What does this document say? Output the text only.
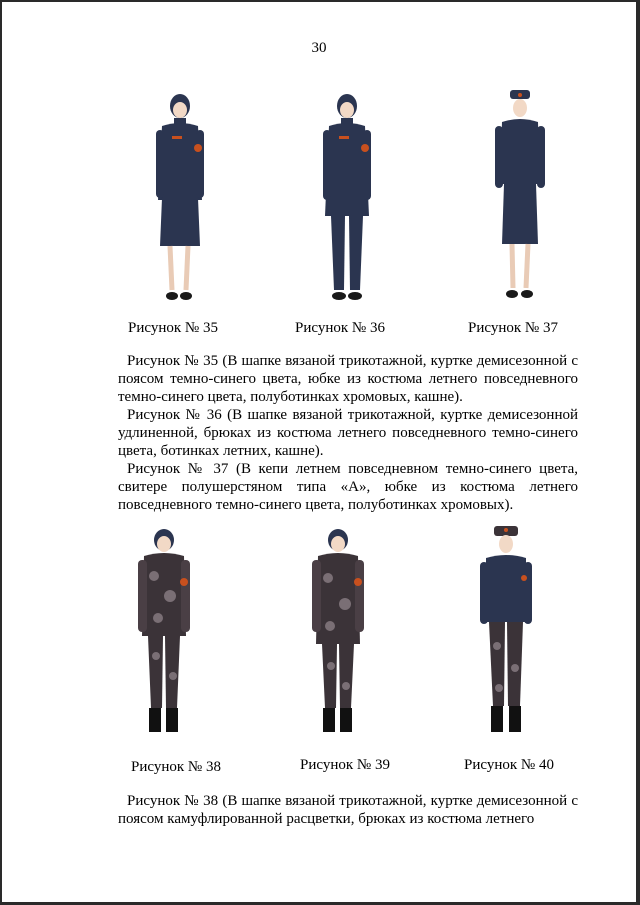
30
Рисунок № 35	Рисунок № 36	Рисунок № 37

Рисунок № 35 (В шапке вязаной трикотажной, куртке демисезонной с поясом темно-синего цвета, юбке из костюма летнего повседневного темно-синего цвета, полуботинках хромовых, кашне).

Рисунок № 36 (В шапке вязаной трикотажной, куртке демисезонной удлиненной, брюках из костюма летнего повседневного темно-синего цвета, ботинках летних, кашне).

Рисунок № 37 (В кепи летнем повседневном темно-синего цвета, свитере полушерстяном типа «А», юбке из костюма летнего повседневного темно-синего цвета, полуботинках хромовых).

Рисунок № 38	Рисунок № 39	Рисунок № 40

Рисунок № 38 (В шапке вязаной трикотажной, куртке демисезонной с поясом камуфлированной расцветки, брюках из костюма летнего
